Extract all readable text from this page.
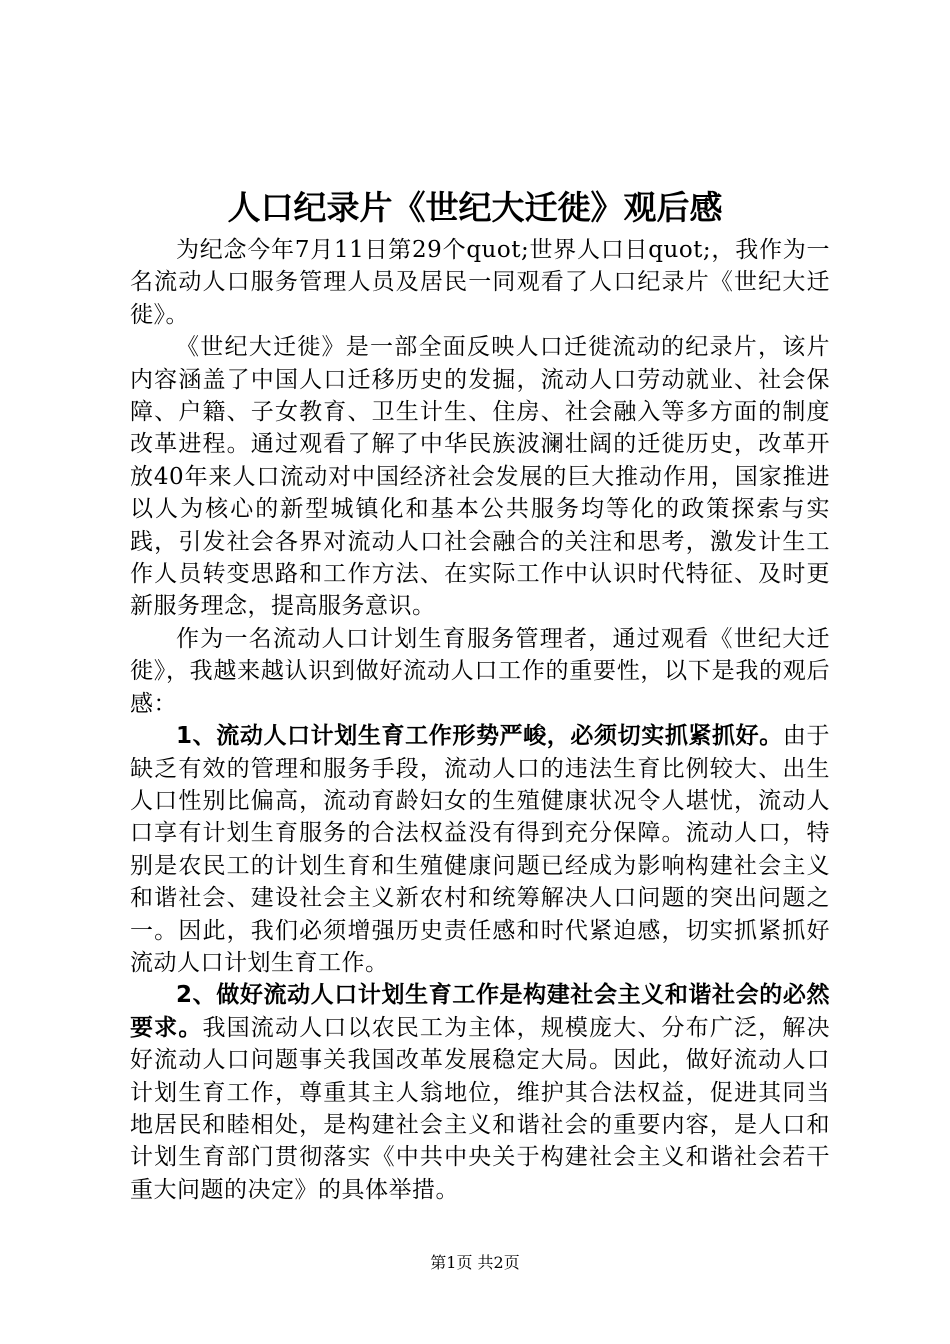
人口纪录片《世纪大迁徙》观后感

为纪念今年7月11日第29个quot;世界人口日quot;，我作为一名流动人口服务管理人员及居民一同观看了人口纪录片《世纪大迁徙》。

《世纪大迁徙》是一部全面反映人口迁徙流动的纪录片，该片内容涵盖了中国人口迁移历史的发掘，流动人口劳动就业、社会保障、户籍、子女教育、卫生计生、住房、社会融入等多方面的制度改革进程。通过观看了解了中华民族波澜壮阔的迁徙历史，改革开放40年来人口流动对中国经济社会发展的巨大推动作用，国家推进以人为核心的新型城镇化和基本公共服务均等化的政策探索与实践，引发社会各界对流动人口社会融合的关注和思考，激发计生工作人员转变思路和工作方法、在实际工作中认识时代特征、及时更新服务理念，提高服务意识。

作为一名流动人口计划生育服务管理者，通过观看《世纪大迁徙》，我越来越认识到做好流动人口工作的重要性，以下是我的观后感：

1、流动人口计划生育工作形势严峻，必须切实抓紧抓好。由于缺乏有效的管理和服务手段，流动人口的违法生育比例较大、出生人口性别比偏高，流动育龄妇女的生殖健康状况令人堪忧，流动人口享有计划生育服务的合法权益没有得到充分保障。流动人口，特别是农民工的计划生育和生殖健康问题已经成为影响构建社会主义和谐社会、建设社会主义新农村和统筹解决人口问题的突出问题之一。因此，我们必须增强历史责任感和时代紧迫感，切实抓紧抓好流动人口计划生育工作。

2、做好流动人口计划生育工作是构建社会主义和谐社会的必然要求。我国流动人口以农民工为主体，规模庞大、分布广泛，解决好流动人口问题事关我国改革发展稳定大局。因此，做好流动人口计划生育工作，尊重其主人翁地位，维护其合法权益，促进其同当地居民和睦相处，是构建社会主义和谐社会的重要内容，是人口和计划生育部门贯彻落实《中共中央关于构建社会主义和谐社会若干重大问题的决定》的具体举措。

第1页 共2页
